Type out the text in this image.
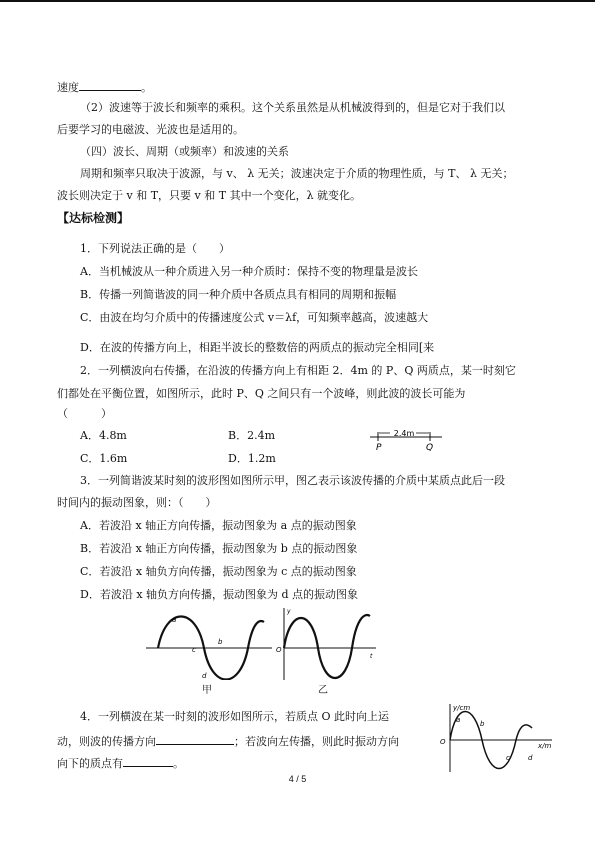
速度	。
（2）波速等于波长和频率的乘积。这个关系虽然是从机械波得到的，但是它对于我们以
后要学习的电磁波、光波也是适用的。
（四）波长、周期（或频率）和波速的关系
周期和频率只取决于波源，与 v、 λ 无关；波速决定于介质的物理性质，与 T、 λ 无关；
波长则决定于 v 和 T，只要 v 和 T 其中一个变化，λ 就变化。
【达标检测】
1．下列说法正确的是（　　）
A．当机械波从一种介质进入另一种介质时：保持不变的物理量是波长
B．传播一列简谐波的同一种介质中各质点具有相同的周期和振幅
C．由波在均匀介质中的传播速度公式 v＝λf，可知频率越高，波速越大
D．在波的传播方向上，相距半波长的整数倍的两质点的振动完全相同[来
2．一列横波向右传播，在沿波的传播方向上有相距 2．4m 的 P、Q 两质点，某一时刻它
们都处在平衡位置，如图所示，此时 P、Q 之间只有一个波峰，则此波的波长可能为
（　　　）
A．4.8m	B．2.4m
C．1.6m	D．1.2m
2.4m
P	Q
3．一列简谐波某时刻的波形图如图所示甲，图乙表示该波传播的介质中某质点此后一段
时间内的振动图象，则：（　　）
A．若波沿 x 轴正方向传播，振动图象为 a 点的振动图象
B．若波沿 x 轴正方向传播，振动图象为 b 点的振动图象
C．若波沿 x 轴负方向传播，振动图象为 c 点的振动图象
D．若波沿 x 轴负方向传播，振动图象为 d 点的振动图象
a
b
c
d
甲
y
O
t
乙
4．一列横波在某一时刻的波形如图所示，若质点 O 此时向上运
动，则波的传播方向	；若波向左传播，则此时振动方向
向下的质点有	。
y/cm
x/m
O
a	b
c	d
4 / 5
